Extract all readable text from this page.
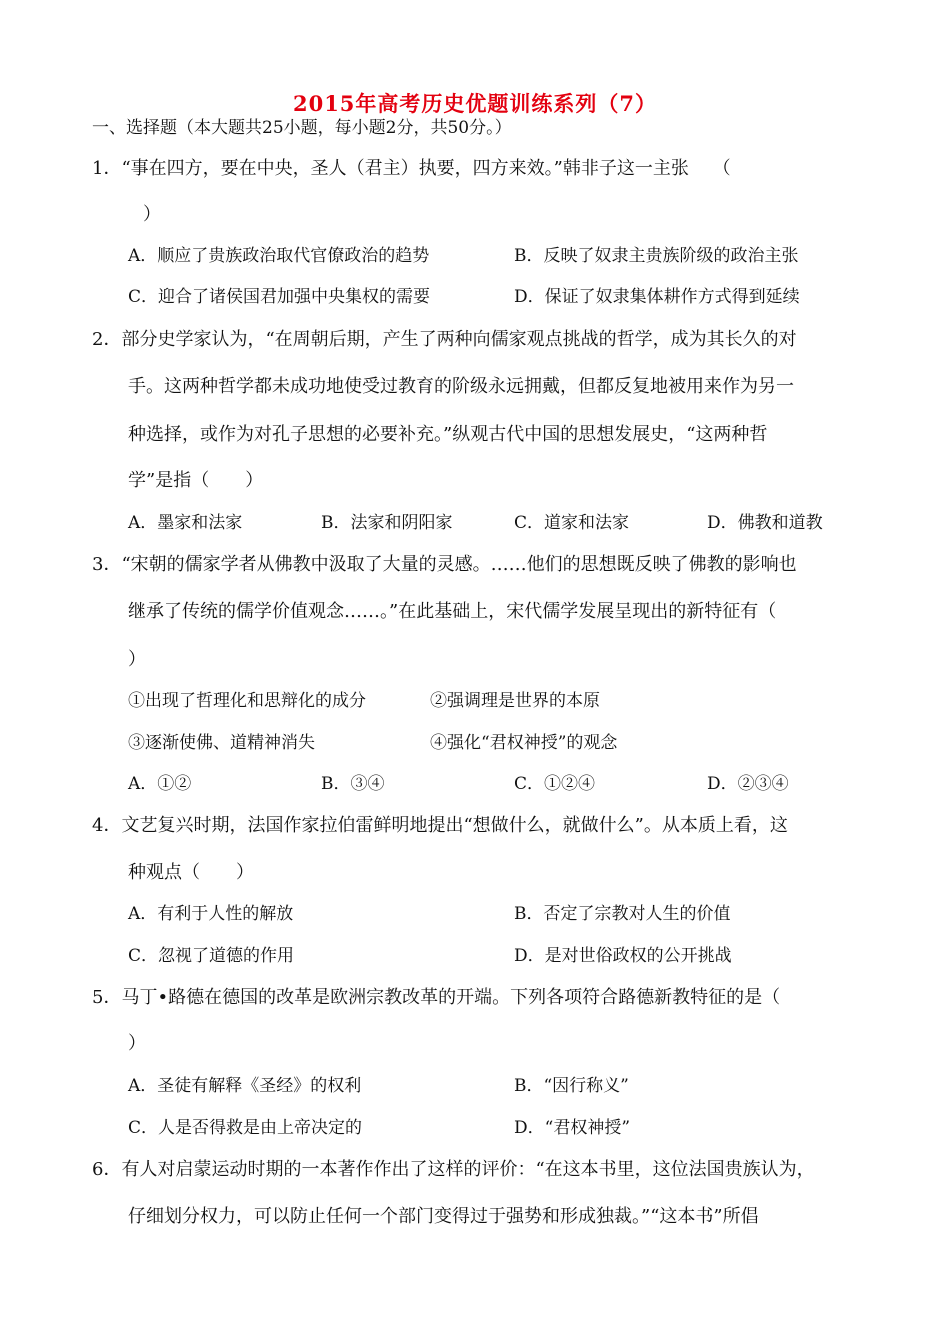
2015年高考历史优题训练系列（7）
一、选择题（本大题共25小题，每小题2分，共50分。）
1．“事在四方，要在中央，圣人（君主）执要，四方来效。”韩非子这一主张　 （
）
A．顺应了贵族政治取代官僚政治的趋势	B．反映了奴隶主贵族阶级的政治主张
C．迎合了诸侯国君加强中央集权的需要	D．保证了奴隶集体耕作方式得到延续
2．部分史学家认为，“在周朝后期，产生了两种向儒家观点挑战的哲学，成为其长久的对
手。这两种哲学都未成功地使受过教育的阶级永远拥戴，但都反复地被用来作为另一
种选择，或作为对孔子思想的必要补充。”纵观古代中国的思想发展史，“这两种哲
学”是指（　　）
A．墨家和法家	B．法家和阴阳家	C．道家和法家	D．佛教和道教
3．“宋朝的儒家学者从佛教中汲取了大量的灵感。……他们的思想既反映了佛教的影响也
继承了传统的儒学价值观念……。”在此基础上，宋代儒学发展呈现出的新特征有（
）
①出现了哲理化和思辩化的成分	②强调理是世界的本原
③逐渐使佛、道精神消失	④强化“君权神授”的观念
A．①②	B．③④	C．①②④	D．②③④
4．文艺复兴时期，法国作家拉伯雷鲜明地提出“想做什么，就做什么”。从本质上看，这
种观点（　　）
A．有利于人性的解放	B．否定了宗教对人生的价值
C．忽视了道德的作用	D．是对世俗政权的公开挑战
5．马丁•路德在德国的改革是欧洲宗教改革的开端。下列各项符合路德新教特征的是（
）
A．圣徒有解释《圣经》的权利	B．“因行称义”
C．人是否得救是由上帝决定的	D．“君权神授”
6．有人对启蒙运动时期的一本著作作出了这样的评价：“在这本书里，这位法国贵族认为，
仔细划分权力，可以防止任何一个部门变得过于强势和形成独裁。”“这本书”所倡
